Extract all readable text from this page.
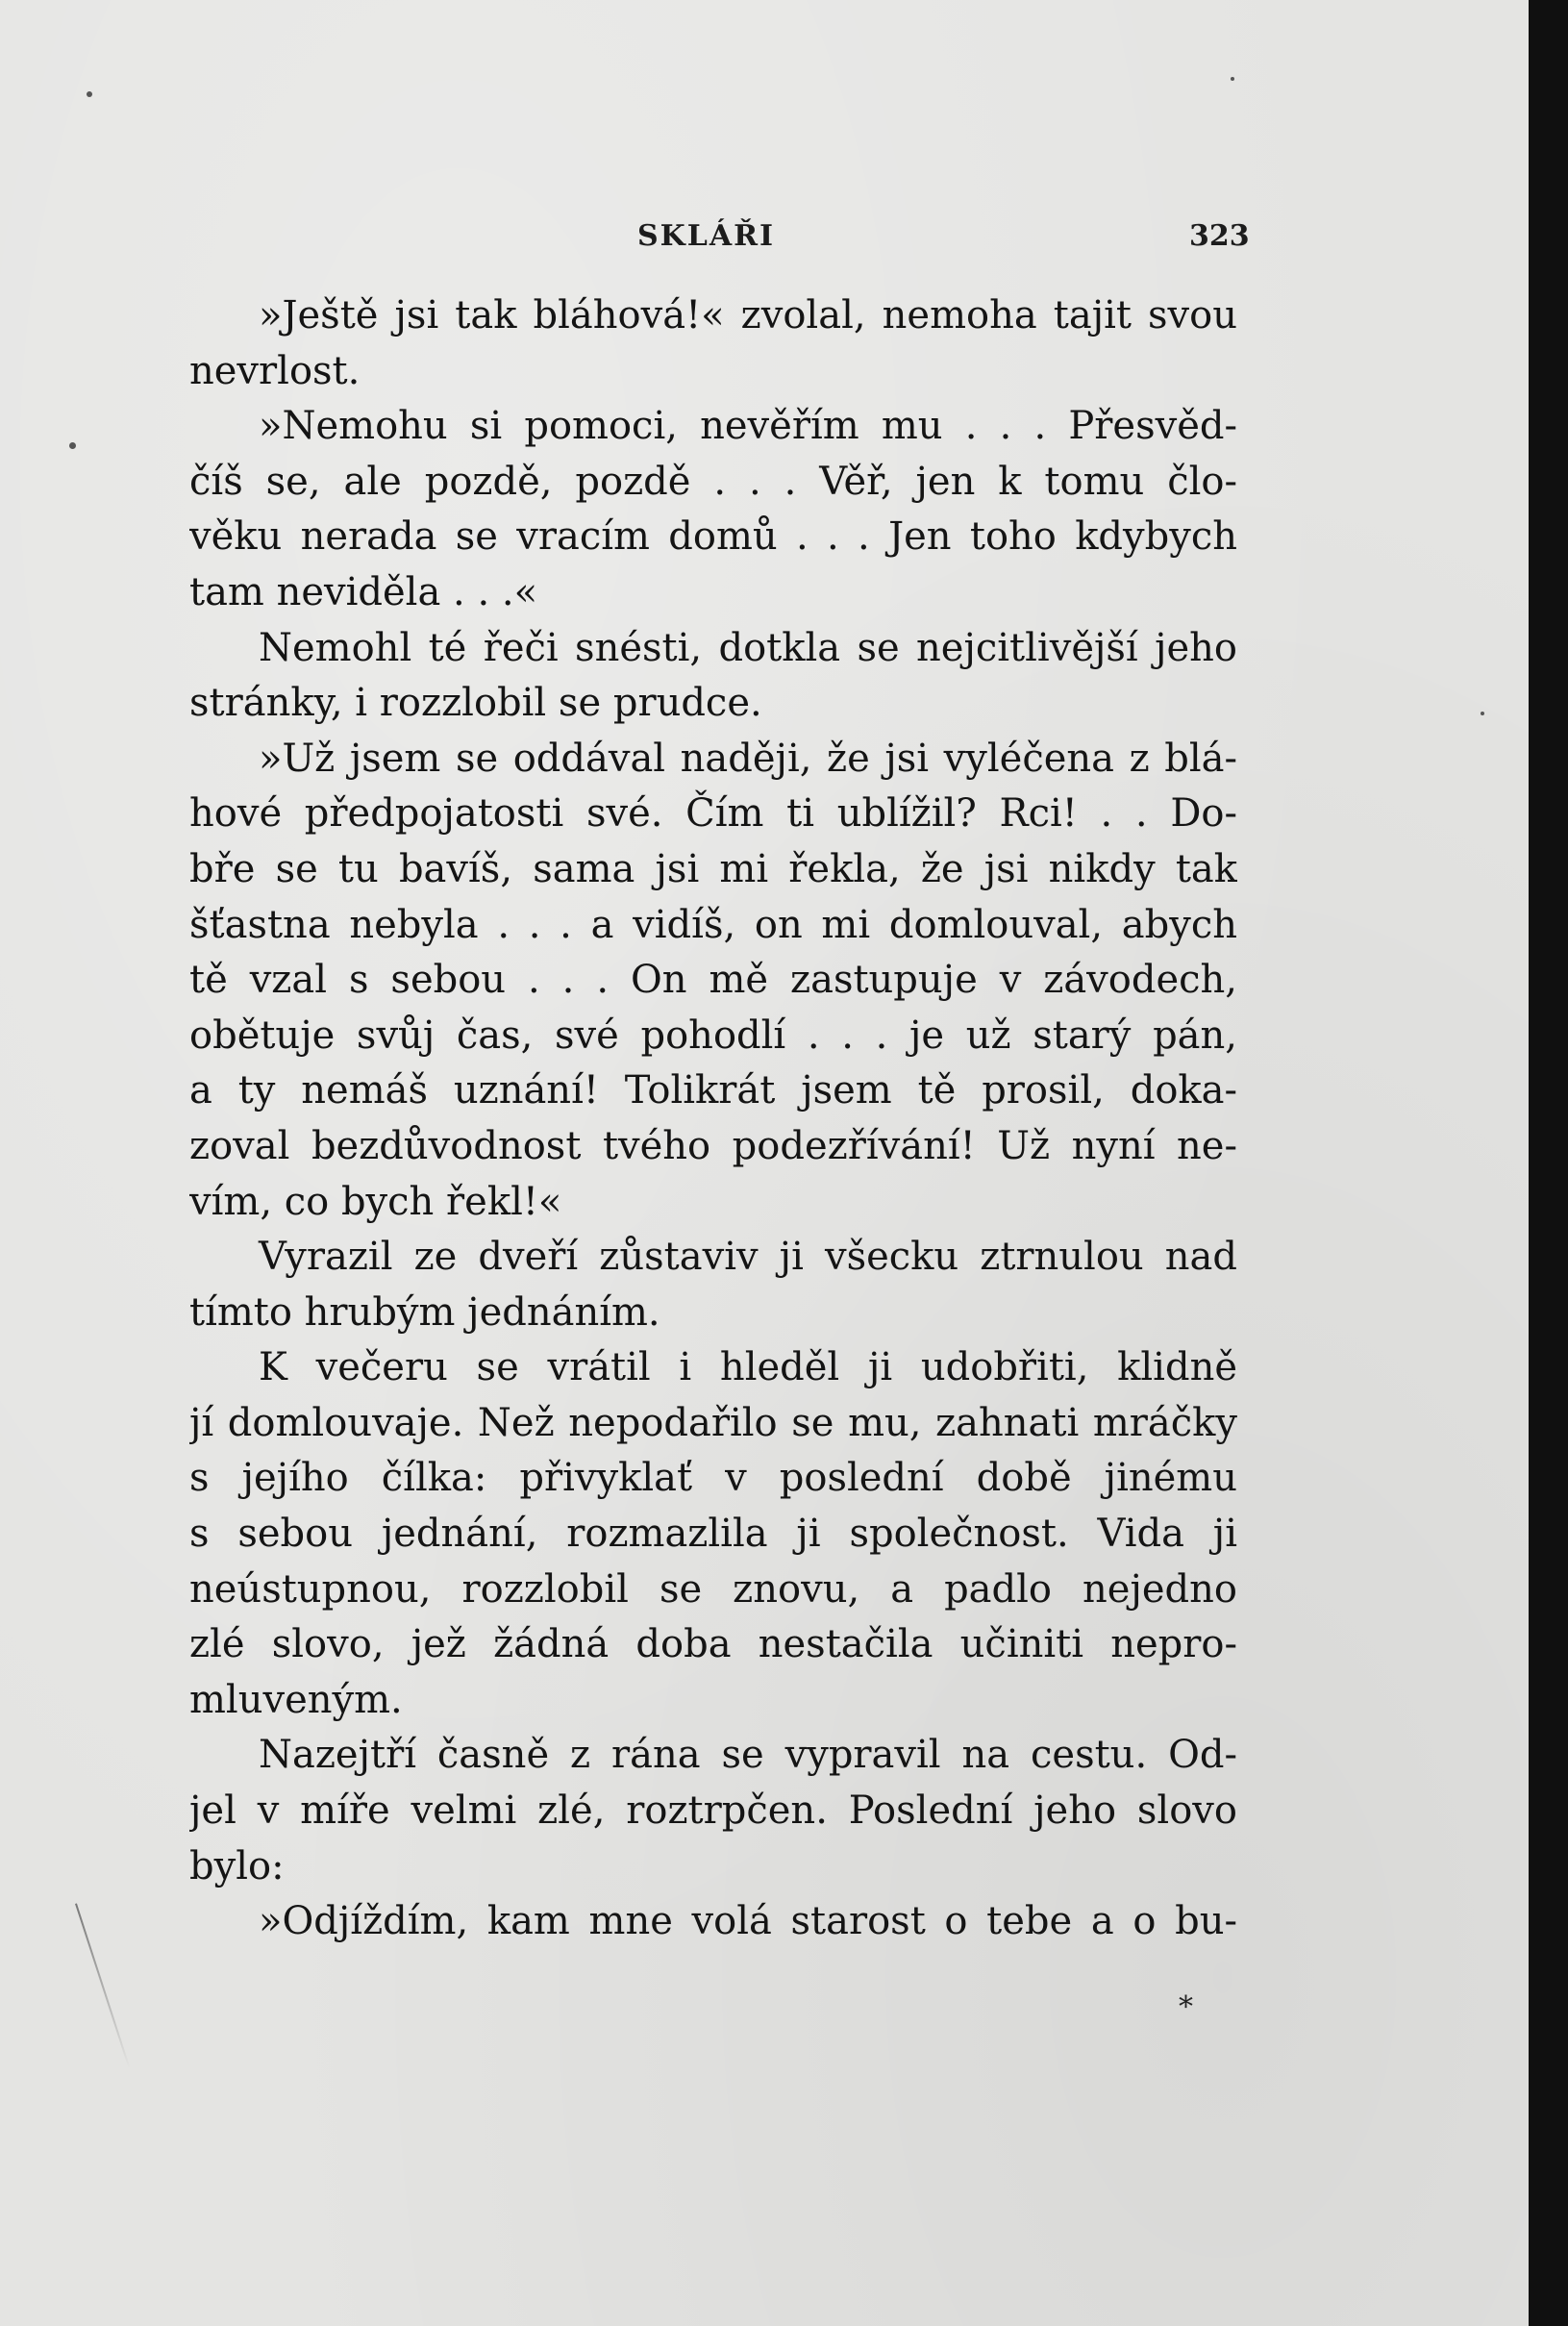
SKLÁŘI	323
»Ještě jsi tak bláhová!« zvolal, nemoha tajit svou
nevrlost.
»Nemohu si pomoci, nevěřím mu . . . Přesvěd-
číš se, ale pozdě, pozdě . . . Věř, jen k tomu člo-
věku nerada se vracím domů . . . Jen toho kdybych
tam neviděla . . .«
Nemohl té řeči snésti, dotkla se nejcitlivější jeho
stránky, i rozzlobil se prudce.
»Už jsem se oddával naději, že jsi vyléčena z blá-
hové předpojatosti své. Čím ti ublížil? Rci! . . Do-
bře se tu bavíš, sama jsi mi řekla, že jsi nikdy tak
šťastna nebyla . . . a vidíš, on mi domlouval, abych
tě vzal s sebou . . . On mě zastupuje v závodech,
obětuje svůj čas, své pohodlí . . . je už starý pán,
a ty nemáš uznání! Tolikrát jsem tě prosil, doka-
zoval bezdůvodnost tvého podezřívání! Už nyní ne-
vím, co bych řekl!«
Vyrazil ze dveří zůstaviv ji všecku ztrnulou nad
tímto hrubým jednáním.
K večeru se vrátil i hleděl ji udobřiti, klidně
jí domlouvaje. Než nepodařilo se mu, zahnati mráčky
s jejího čílka: přivyklať v poslední době jinému
s sebou jednání, rozmazlila ji společnost. Vida ji
neústupnou, rozzlobil se znovu, a padlo nejedno
zlé slovo, jež žádná doba nestačila učiniti nepro-
mluveným.
Nazejtří časně z rána se vypravil na cestu. Od-
jel v míře velmi zlé, roztrpčen. Poslední jeho slovo
bylo:
»Odjíždím, kam mne volá starost o tebe a o bu-
*
